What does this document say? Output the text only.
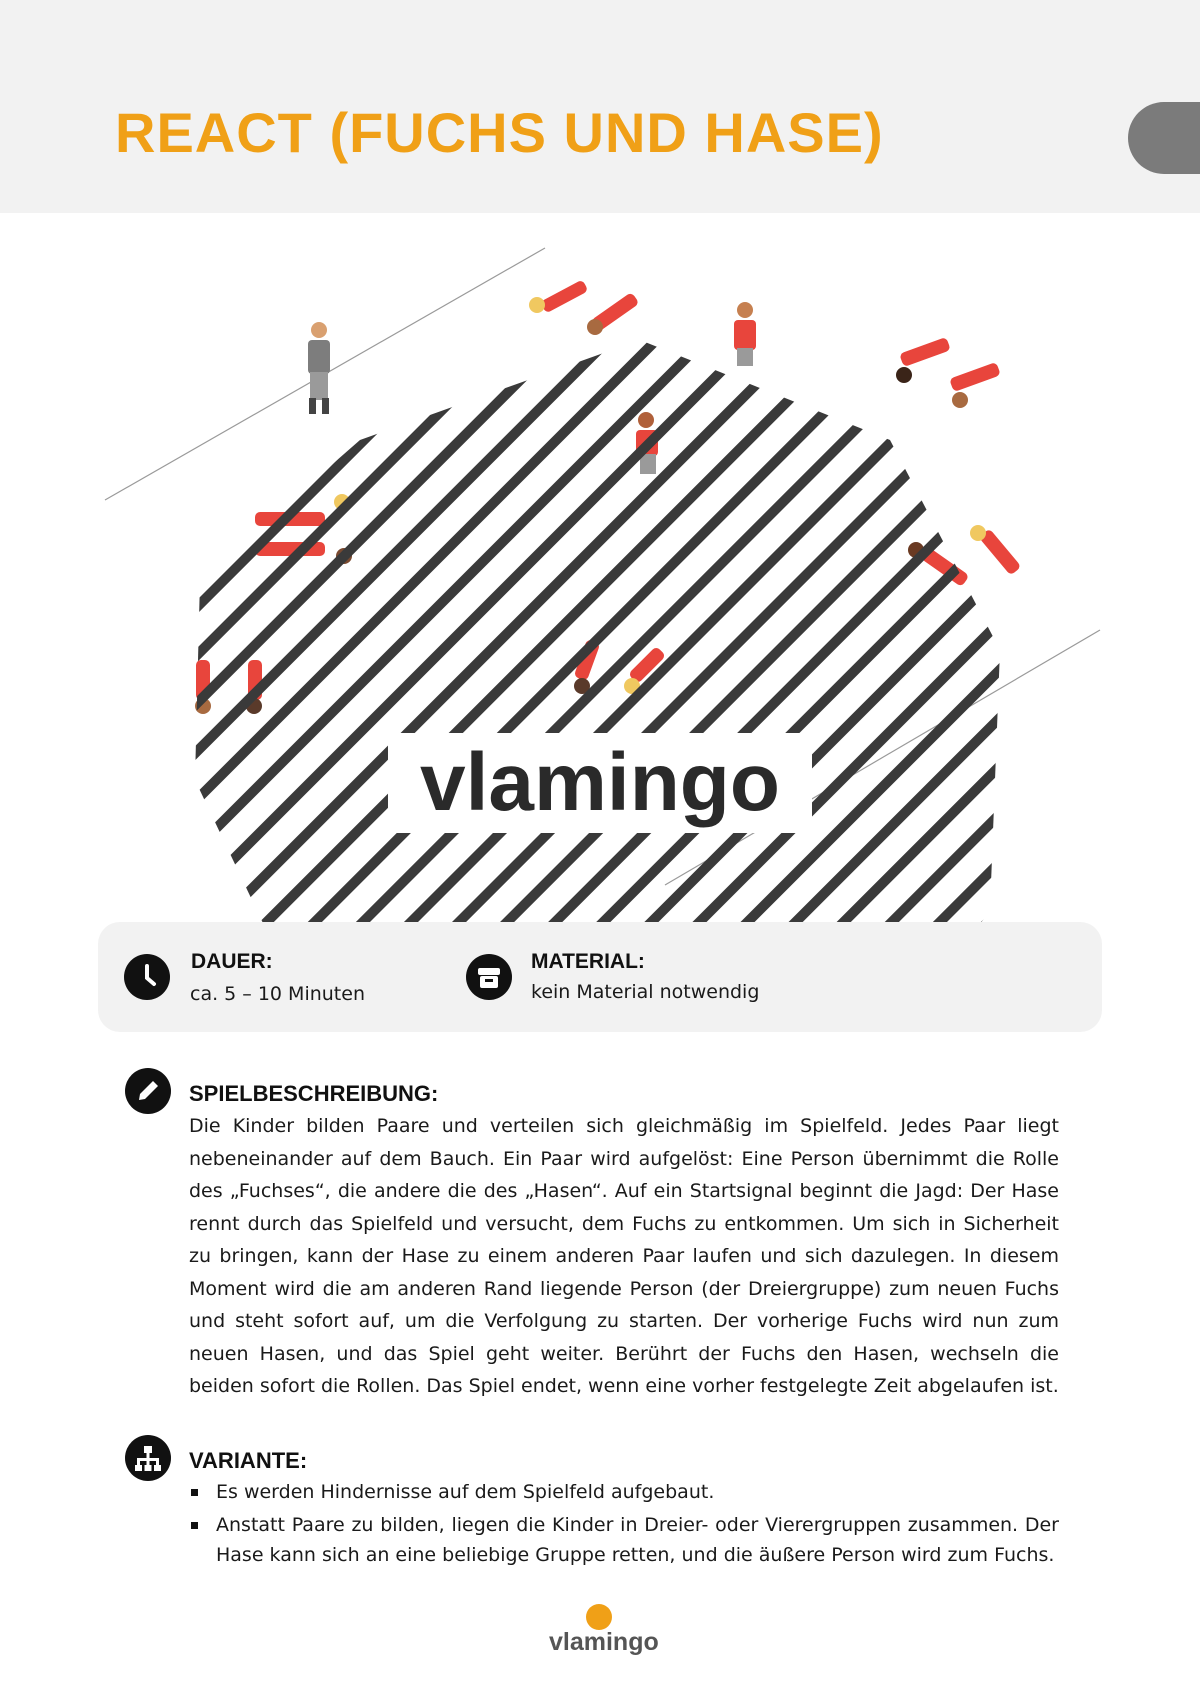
REACT (FUCHS UND HASE)
vlamingo
DAUER:
ca. 5 – 10 Minuten
MATERIAL:
kein Material notwendig
SPIELBESCHREIBUNG:

Die Kinder bilden Paare und verteilen sich gleichmäßig im Spielfeld. Jedes Paar liegt nebeneinander auf dem Bauch. Ein Paar wird aufgelöst: Eine Person übernimmt die Rolle des „Fuchses“, die andere die des „Hasen“. Auf ein Startsignal beginnt die Jagd: Der Hase rennt durch das Spielfeld und versucht, dem Fuchs zu entkommen. Um sich in Sicherheit zu bringen, kann der Hase zu einem anderen Paar laufen und sich dazulegen. In diesem Moment wird die am anderen Rand liegende Person (der Dreiergruppe) zum neuen Fuchs und steht sofort auf, um die Verfolgung zu starten. Der vorherige Fuchs wird nun zum neuen Hasen, und das Spiel geht weiter. Berührt der Fuchs den Hasen, wechseln die beiden sofort die Rollen. Das Spiel endet, wenn eine vorher festgelegte Zeit abgelaufen ist.

VARIANTE:
Es werden Hindernisse auf dem Spielfeld aufgebaut.
Anstatt Paare zu bilden, liegen die Kinder in Dreier- oder Vierergruppen zusammen. Der Hase kann sich an eine beliebige Gruppe retten, und die äußere Person wird zum Fuchs.
vlamingo
